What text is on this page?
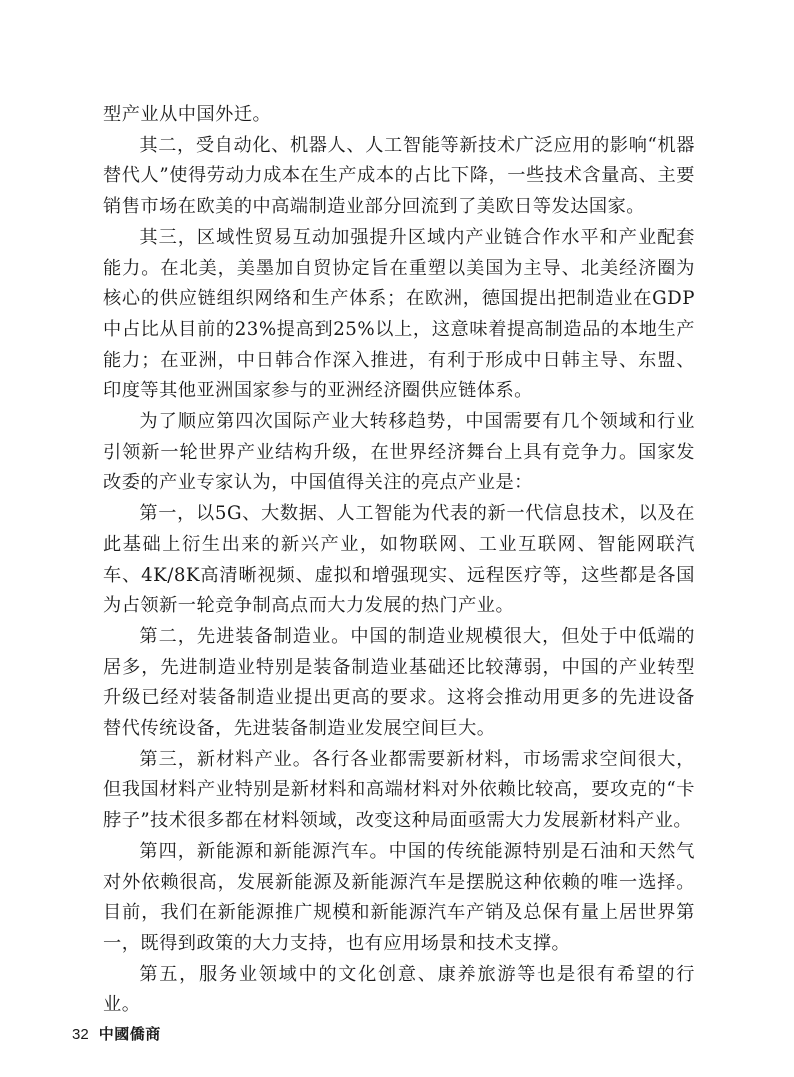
型产业从中国外迁。

其二，受自动化、机器人、人工智能等新技术广泛应用的影响“机器替代人”使得劳动力成本在生产成本的占比下降，一些技术含量高、主要销售市场在欧美的中高端制造业部分回流到了美欧日等发达国家。

其三，区域性贸易互动加强提升区域内产业链合作水平和产业配套能力。在北美，美墨加自贸协定旨在重塑以美国为主导、北美经济圈为核心的供应链组织网络和生产体系；在欧洲，德国提出把制造业在GDP中占比从目前的23%提高到25%以上，这意味着提高制造品的本地生产能力；在亚洲，中日韩合作深入推进，有利于形成中日韩主导、东盟、印度等其他亚洲国家参与的亚洲经济圈供应链体系。

为了顺应第四次国际产业大转移趋势，中国需要有几个领域和行业引领新一轮世界产业结构升级，在世界经济舞台上具有竞争力。国家发改委的产业专家认为，中国值得关注的亮点产业是：

第一，以5G、大数据、人工智能为代表的新一代信息技术，以及在此基础上衍生出来的新兴产业，如物联网、工业互联网、智能网联汽车、4K/8K高清晰视频、虚拟和增强现实、远程医疗等，这些都是各国为占领新一轮竞争制高点而大力发展的热门产业。

第二，先进装备制造业。中国的制造业规模很大，但处于中低端的居多，先进制造业特别是装备制造业基础还比较薄弱，中国的产业转型升级已经对装备制造业提出更高的要求。这将会推动用更多的先进设备替代传统设备，先进装备制造业发展空间巨大。

第三，新材料产业。各行各业都需要新材料，市场需求空间很大，但我国材料产业特别是新材料和高端材料对外依赖比较高，要攻克的“卡脖子”技术很多都在材料领域，改变这种局面亟需大力发展新材料产业。

第四，新能源和新能源汽车。中国的传统能源特别是石油和天然气对外依赖很高，发展新能源及新能源汽车是摆脱这种依赖的唯一选择。目前，我们在新能源推广规模和新能源汽车产销及总保有量上居世界第一，既得到政策的大力支持，也有应用场景和技术支撑。

第五，服务业领域中的文化创意、康养旅游等也是很有希望的行业。

32 中國僑商
